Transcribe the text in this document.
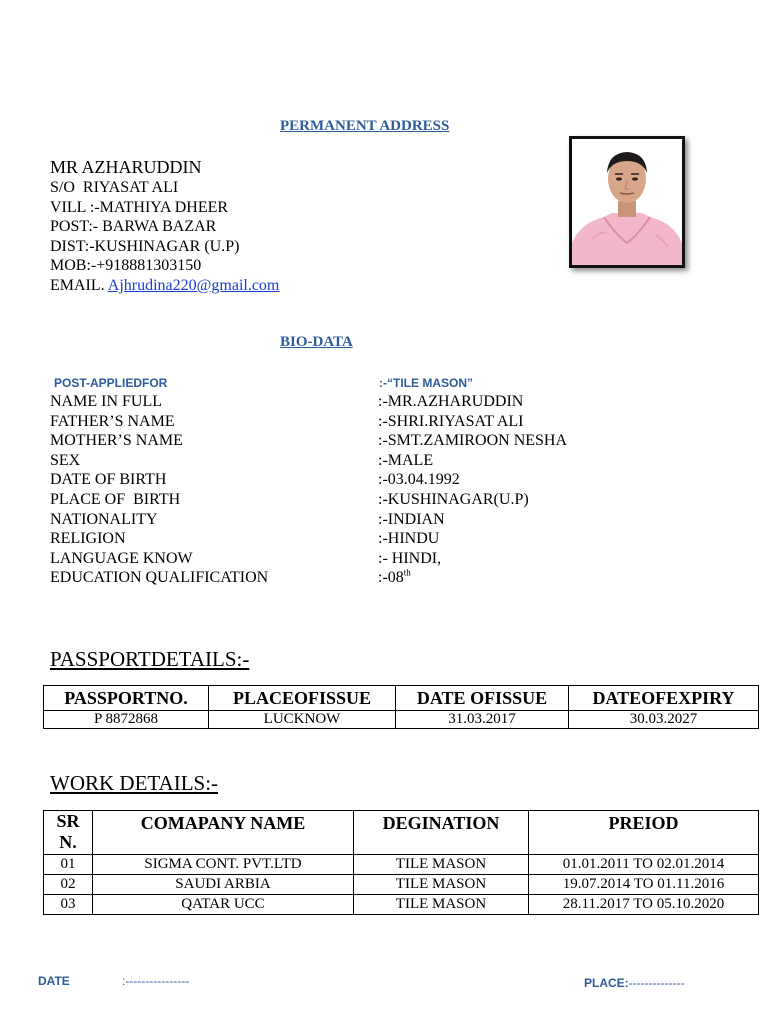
PERMANENT ADDRESS
MR AZHARUDDIN
S/O  RIYASAT ALI
VILL :-MATHIYA DHEER
POST:- BARWA BAZAR
DIST:-KUSHINAGAR (U.P)
MOB:-+918881303150
EMAIL. Ajhrudina220@gmail.com
BIO-DATA
POST-APPLIEDFOR	:-“TILE MASON”
NAME IN FULL	:-MR.AZHARUDDIN
FATHER’S NAME	:-SHRI.RIYASAT ALI
MOTHER’S NAME	:-SMT.ZAMIROON NESHA
SEX	:-MALE
DATE OF BIRTH	:-03.04.1992
PLACE OF  BIRTH	:-KUSHINAGAR(U.P)
NATIONALITY	:-INDIAN
RELIGION	:-HINDU
LANGUAGE KNOW	:- HINDI,
EDUCATION QUALIFICATION	:-08th
PASSPORTDETAILS:-
PASSPORTNO.	PLACEOFISSUE	DATE OFISSUE	DATEOFEXPIRY
P 8872868	LUCKNOW	31.03.2017	30.03.2027
WORK DETAILS:-
SR
N.	COMAPANY NAME	DEGINATION	PREIOD
01	SIGMA CONT. PVT.LTD	TILE MASON	01.01.2011 TO 02.01.2014
02	SAUDI ARBIA	TILE MASON	19.07.2014 TO 01.11.2016
03	QATAR UCC	TILE MASON	28.11.2017 TO 05.10.2020
DATE	:----------------	PLACE:--------------
